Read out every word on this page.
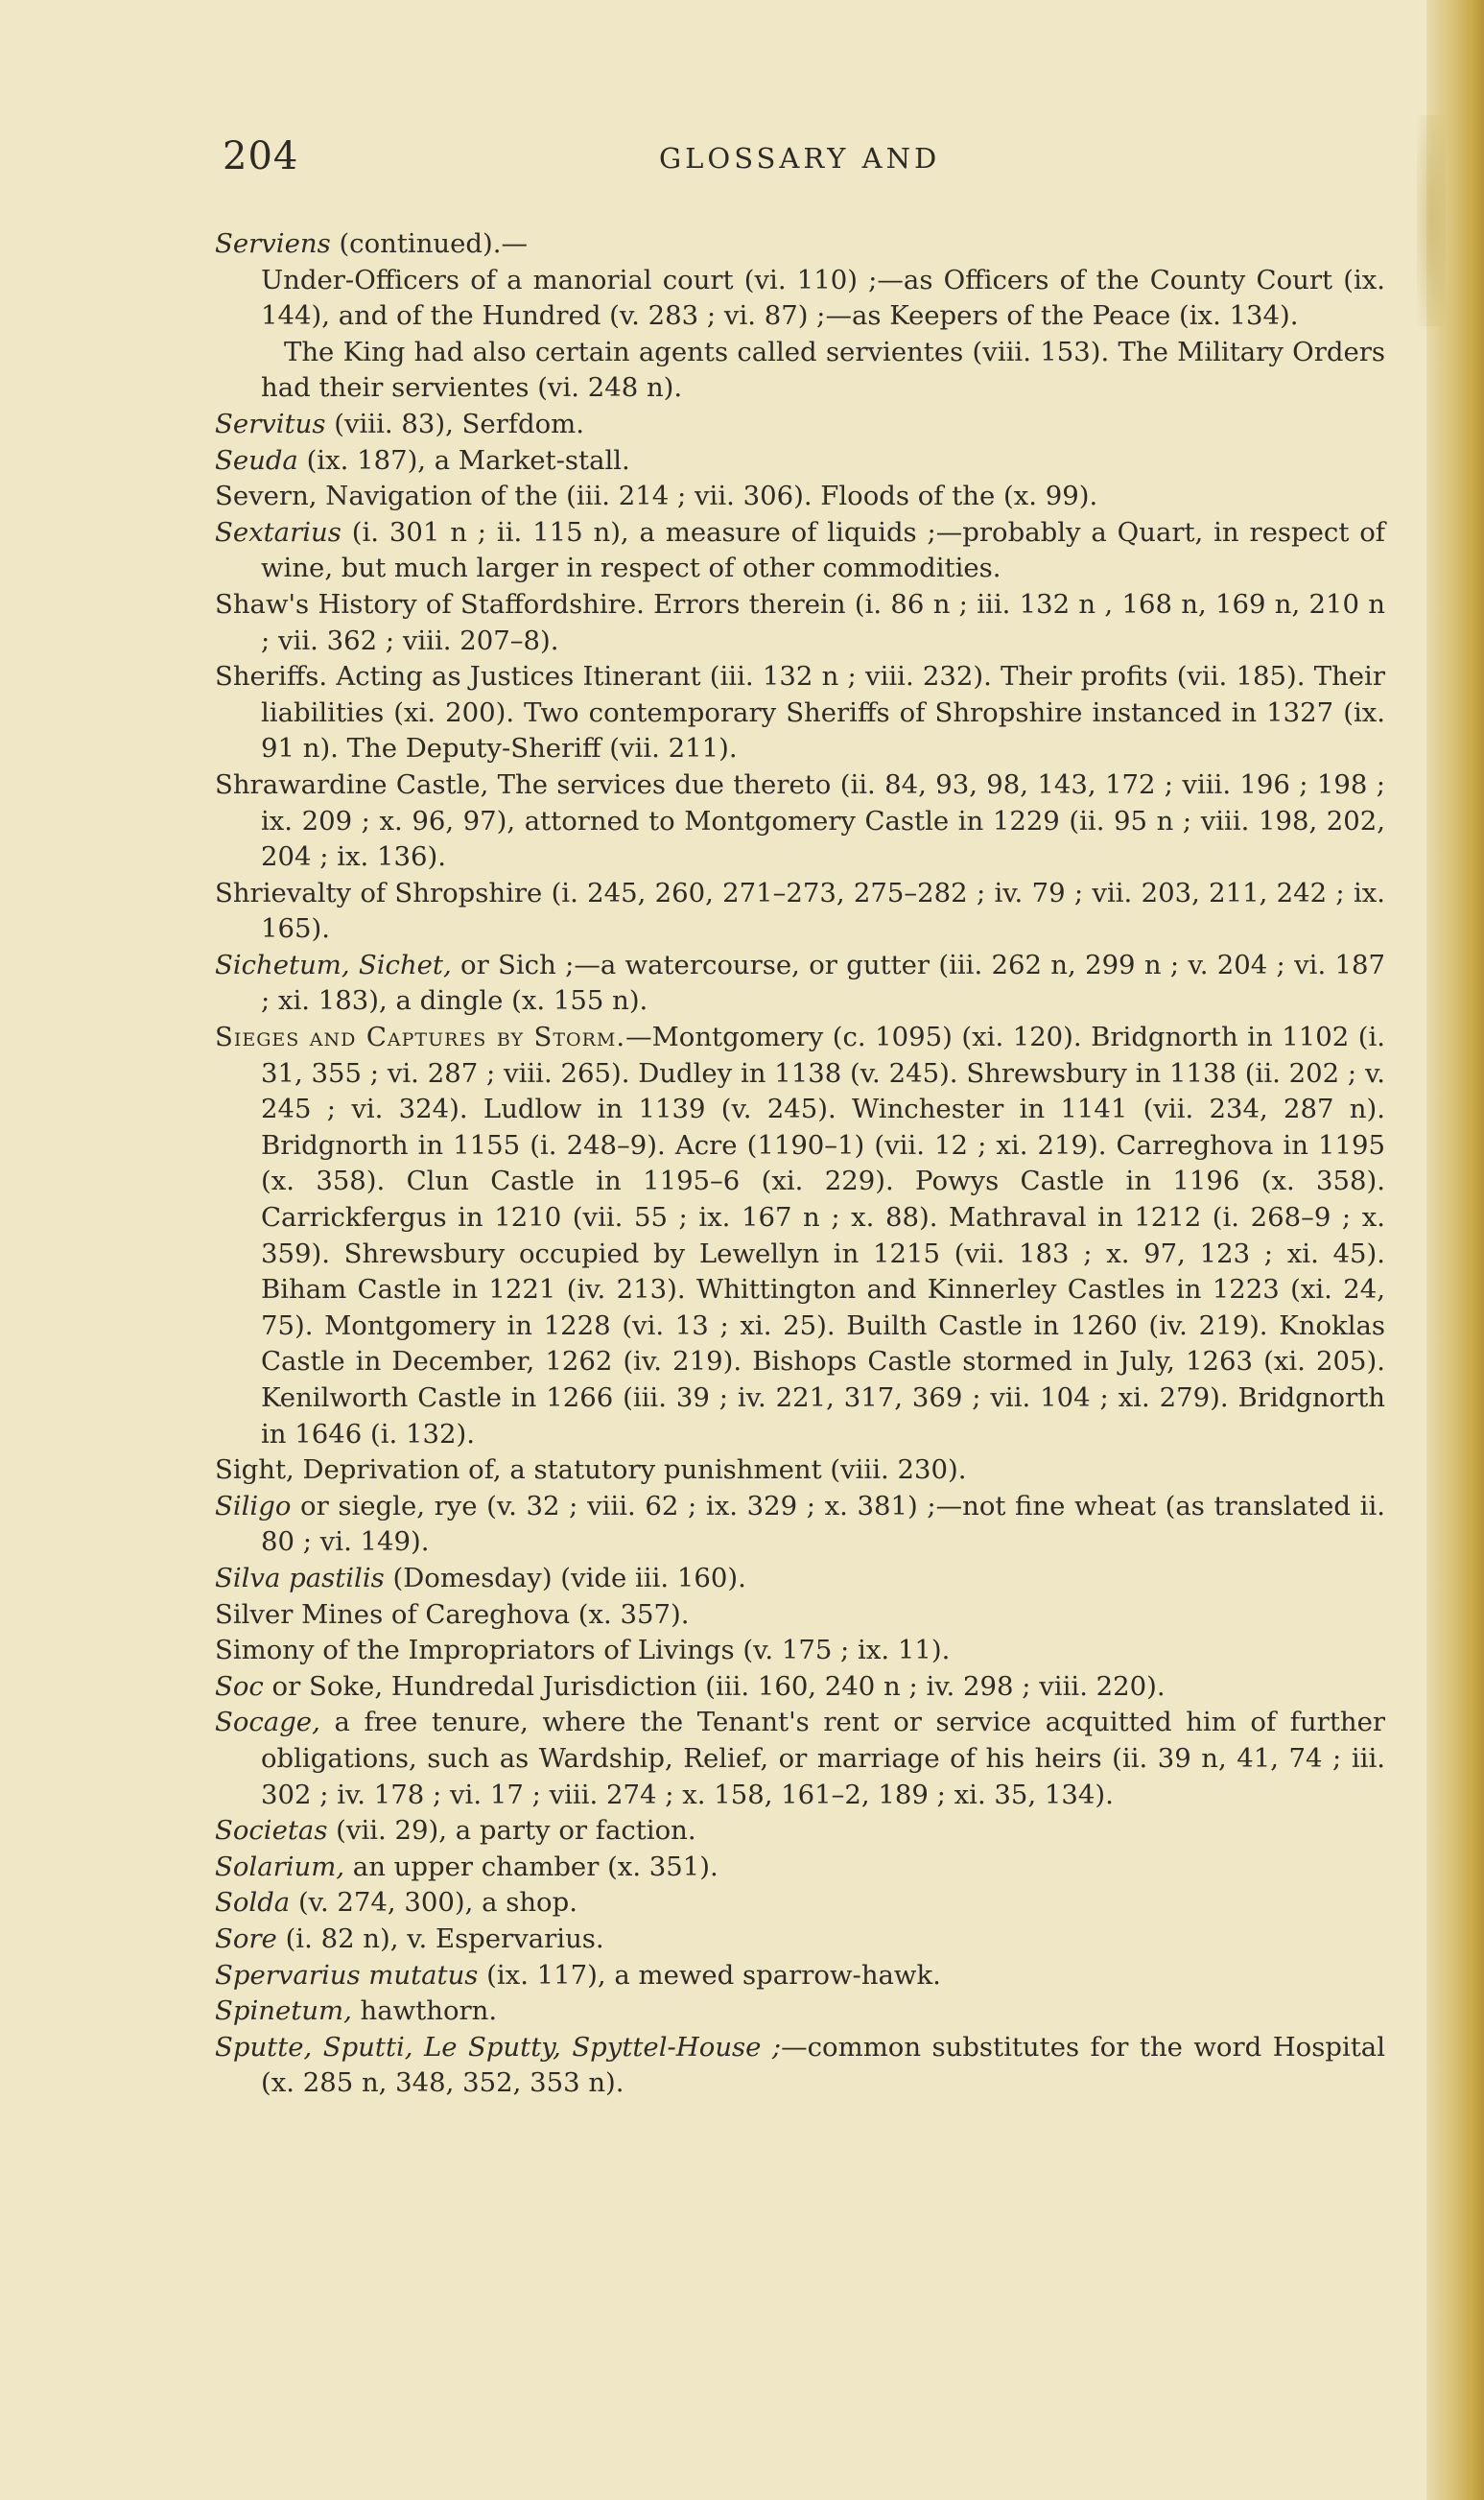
204	GLOSSARY AND
Serviens (continued).—
Under-Officers of a manorial court (vi. 110) ;—as Officers of the County Court (ix. 144), and of the Hundred (v. 283 ; vi. 87) ;—as Keepers of the Peace (ix. 134).
The King had also certain agents called servientes (viii. 153). The Military Orders had their servientes (vi. 248 n).
Servitus (viii. 83), Serfdom.
Seuda (ix. 187), a Market-stall.
Severn, Navigation of the (iii. 214 ; vii. 306). Floods of the (x. 99).
Sextarius (i. 301 n ; ii. 115 n), a measure of liquids ;—probably a Quart, in respect of wine, but much larger in respect of other commodities.
Shaw's History of Staffordshire. Errors therein (i. 86 n ; iii. 132 n , 168 n, 169 n, 210 n ; vii. 362 ; viii. 207–8).
Sheriffs. Acting as Justices Itinerant (iii. 132 n ; viii. 232). Their profits (vii. 185). Their liabilities (xi. 200). Two contemporary Sheriffs of Shropshire instanced in 1327 (ix. 91 n). The Deputy-Sheriff (vii. 211).
Shrawardine Castle, The services due thereto (ii. 84, 93, 98, 143, 172 ; viii. 196 ; 198 ; ix. 209 ; x. 96, 97), attorned to Montgomery Castle in 1229 (ii. 95 n ; viii. 198, 202, 204 ; ix. 136).
Shrievalty of Shropshire (i. 245, 260, 271–273, 275–282 ; iv. 79 ; vii. 203, 211, 242 ; ix. 165).
Sichetum, Sichet, or Sich ;—a watercourse, or gutter (iii. 262 n, 299 n ; v. 204 ; vi. 187 ; xi. 183), a dingle (x. 155 n).
Sieges and Captures by Storm.—Montgomery (c. 1095) (xi. 120). Bridgnorth in 1102 (i. 31, 355 ; vi. 287 ; viii. 265). Dudley in 1138 (v. 245). Shrewsbury in 1138 (ii. 202 ; v. 245 ; vi. 324). Ludlow in 1139 (v. 245). Winchester in 1141 (vii. 234, 287 n). Bridgnorth in 1155 (i. 248–9). Acre (1190–1) (vii. 12 ; xi. 219). Carreghova in 1195 (x. 358). Clun Castle in 1195–6 (xi. 229). Powys Castle in 1196 (x. 358). Carrickfergus in 1210 (vii. 55 ; ix. 167 n ; x. 88). Mathraval in 1212 (i. 268–9 ; x. 359). Shrewsbury occupied by Lewellyn in 1215 (vii. 183 ; x. 97, 123 ; xi. 45). Biham Castle in 1221 (iv. 213). Whittington and Kinnerley Castles in 1223 (xi. 24, 75). Montgomery in 1228 (vi. 13 ; xi. 25). Builth Castle in 1260 (iv. 219). Knoklas Castle in December, 1262 (iv. 219). Bishops Castle stormed in July, 1263 (xi. 205). Kenilworth Castle in 1266 (iii. 39 ; iv. 221, 317, 369 ; vii. 104 ; xi. 279). Bridgnorth in 1646 (i. 132).
Sight, Deprivation of, a statutory punishment (viii. 230).
Siligo or siegle, rye (v. 32 ; viii. 62 ; ix. 329 ; x. 381) ;—not fine wheat (as translated ii. 80 ; vi. 149).
Silva pastilis (Domesday) (vide iii. 160).
Silver Mines of Careghova (x. 357).
Simony of the Impropriators of Livings (v. 175 ; ix. 11).
Soc or Soke, Hundredal Jurisdiction (iii. 160, 240 n ; iv. 298 ; viii. 220).
Socage, a free tenure, where the Tenant's rent or service acquitted him of further obligations, such as Wardship, Relief, or marriage of his heirs (ii. 39 n, 41, 74 ; iii. 302 ; iv. 178 ; vi. 17 ; viii. 274 ; x. 158, 161–2, 189 ; xi. 35, 134).
Societas (vii. 29), a party or faction.
Solarium, an upper chamber (x. 351).
Solda (v. 274, 300), a shop.
Sore (i. 82 n), v. Espervarius.
Spervarius mutatus (ix. 117), a mewed sparrow-hawk.
Spinetum, hawthorn.
Sputte, Sputti, Le Sputty, Spyttel-House ;—common substitutes for the word Hospital (x. 285 n, 348, 352, 353 n).
